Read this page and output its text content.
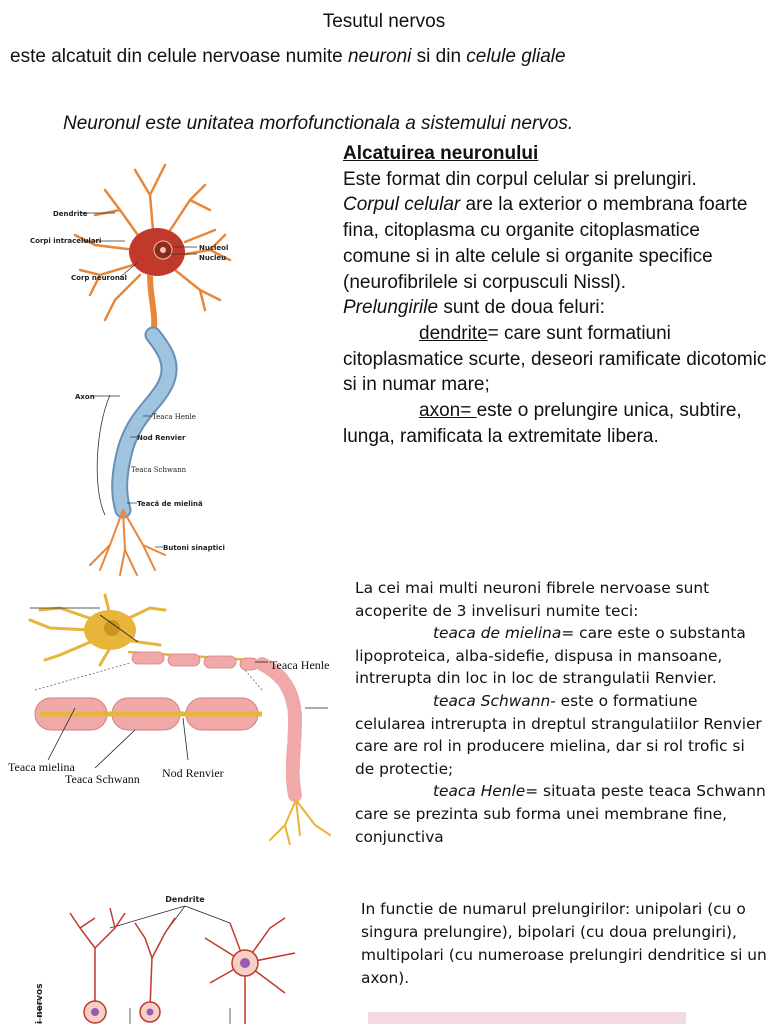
Tesutul nervos
este alcatuit din celule nervoase numite neuroni si din celule gliale
Neuronul este unitatea morfofunctionala a sistemului nervos.
Dendrite
Corpi intracelulari
Nucleol
Nucleu
Corp neuronal
Axon
Teaca Henle
Nod Renvier
Teaca Schwann
Teacă de mielină
Butoni sinaptici
Alcatuirea neuronului
Este format din corpul celular si prelungiri.
Corpul celular are la exterior o membrana foarte fina, citoplasma cu organite citoplasmatice comune si in alte celule si organite specifice (neurofibrilele si corpusculi Nissl).
Prelungirile sunt de doua feluri:
dendrite= care sunt formatiuni citoplasmatice scurte, deseori ramificate dicotomic si in numar mare;
axon= este o prelungire unica, subtire, lunga, ramificata la extremitate libera.
Teaca Henle
Teaca mielina
Teaca Schwann Nod Renvier
La cei mai multi neuroni fibrele nervoase sunt acoperite de 3 invelisuri numite teci:
teaca de mielina= care este o substanta lipoproteica, alba-sidefie, dispusa in mansoane, intrerupta din loc in loc de strangulatii Renvier.
teaca Schwann- este o formatiune celularea intrerupta in dreptul strangulatiilor Renvier care are rol in producere mielina, dar si rol trofic si de protectie;
teaca Henle= situata peste teaca Schwann care se prezinta sub forma unei membrane fine, conjunctiva
Dendrite
i nervos
In functie de numarul prelungirilor: unipolari (cu o singura prelungire), bipolari (cu doua prelungiri), multipolari (cu numeroase prelungiri dendritice si un axon).
